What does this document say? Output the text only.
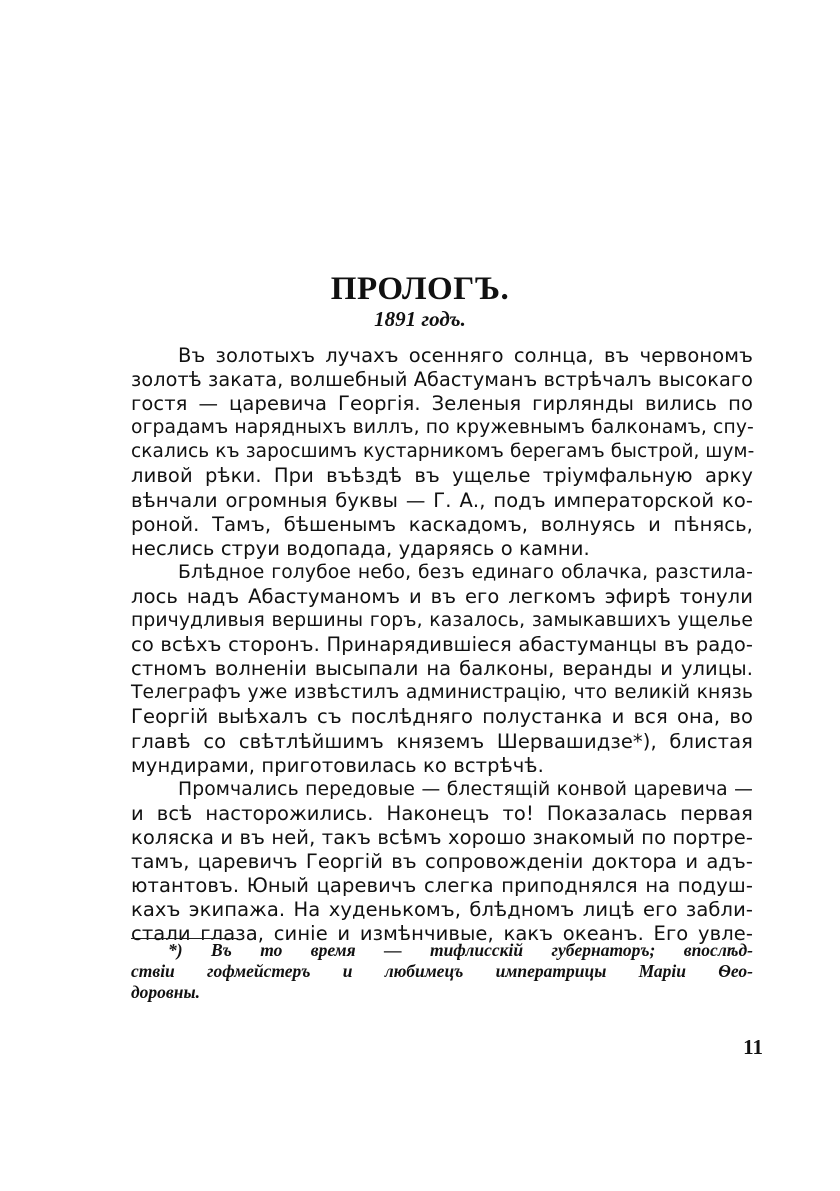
ПРОЛОГЪ.
1891 годъ.
Въ золотыхъ лучахъ осенняго солнца, въ червономъ
золотѣ заката, волшебный Абастуманъ встрѣчалъ высокаго
гостя — царевича Георгія. Зеленыя гирлянды вились по
оградамъ нарядныхъ виллъ, по кружевнымъ балконамъ, спу-
скались къ заросшимъ кустарникомъ берегамъ быстрой, шум-
ливой рѣки. При въѣздѣ въ ущелье тріумфальную арку
вѣнчали огромныя буквы — Г. А., подъ императорской ко-
роной. Тамъ, бѣшенымъ каскадомъ, волнуясь и пѣнясь,
неслись струи водопада, ударяясь о камни.
Блѣдное голубое небо, безъ единаго облачка, разстилa-
лось надъ Абастуманомъ и въ его легкомъ эфирѣ тонули
причудливыя вершины горъ, казалось, замыкавшихъ ущелье
со всѣхъ сторонъ. Принарядившіеся абастуманцы въ радо-
стномъ волненіи высыпали на балконы, веранды и улицы.
Телеграфъ уже извѣстилъ администрацію, что великій князь
Георгій выѣхалъ съ послѣдняго полустанка и вся она, во
главѣ со свѣтлѣйшимъ княземъ Шервашидзе*), блистая
мундирами, приготовилась ко встрѣчѣ.
Промчались передовые — блестящій конвой царевича —
и всѣ насторожились. Наконецъ то! Показалась первая
коляска и въ ней, такъ всѣмъ хорошо знакомый по портре-
тамъ, царевичъ Георгій въ сопровожденіи доктора и адъ-
ютантовъ. Юный царевичъ слегка приподнялся на подуш-
кахъ экипажа. На худенькомъ, блѣдномъ лицѣ его забли-
стали глаза, синіе и измѣнчивые, какъ океанъ. Его увле-
*) Въ то время — тифлисскій губернаторъ; впослѣд-
ствіи гофмейстеръ и любимецъ императрицы Маріи Ѳео-
доровны.
11
